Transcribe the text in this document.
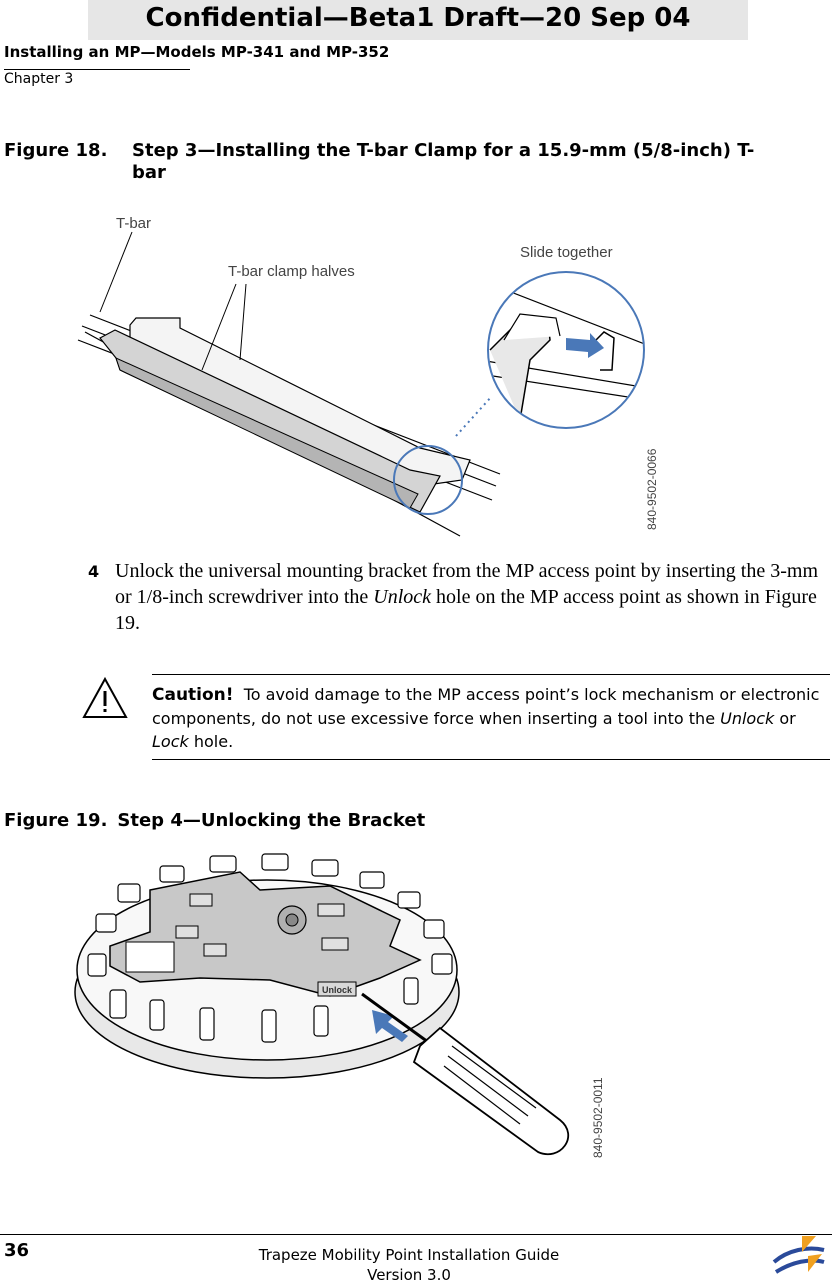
Confidential—Beta1 Draft—20 Sep 04
Installing an MP—Models MP-341 and MP-352
Chapter 3
Figure 18. Step 3—Installing the T-bar Clamp for a 15.9-mm (5/8-inch) T-bar
T-bar
T-bar clamp halves
Slide together
840-9502-0066
4 Unlock the universal mounting bracket from the MP access point by inserting the 3-mm or 1/8-inch screwdriver into the Unlock hole on the MP access point as shown in Figure 19.
Caution! To avoid damage to the MP access point’s lock mechanism or electronic components, do not use excessive force when inserting a tool into the Unlock or Lock hole.
Figure 19. Step 4—Unlocking the Bracket
Unlock
840-9502-0011
36	Trapeze Mobility Point Installation Guide
Version 3.0
